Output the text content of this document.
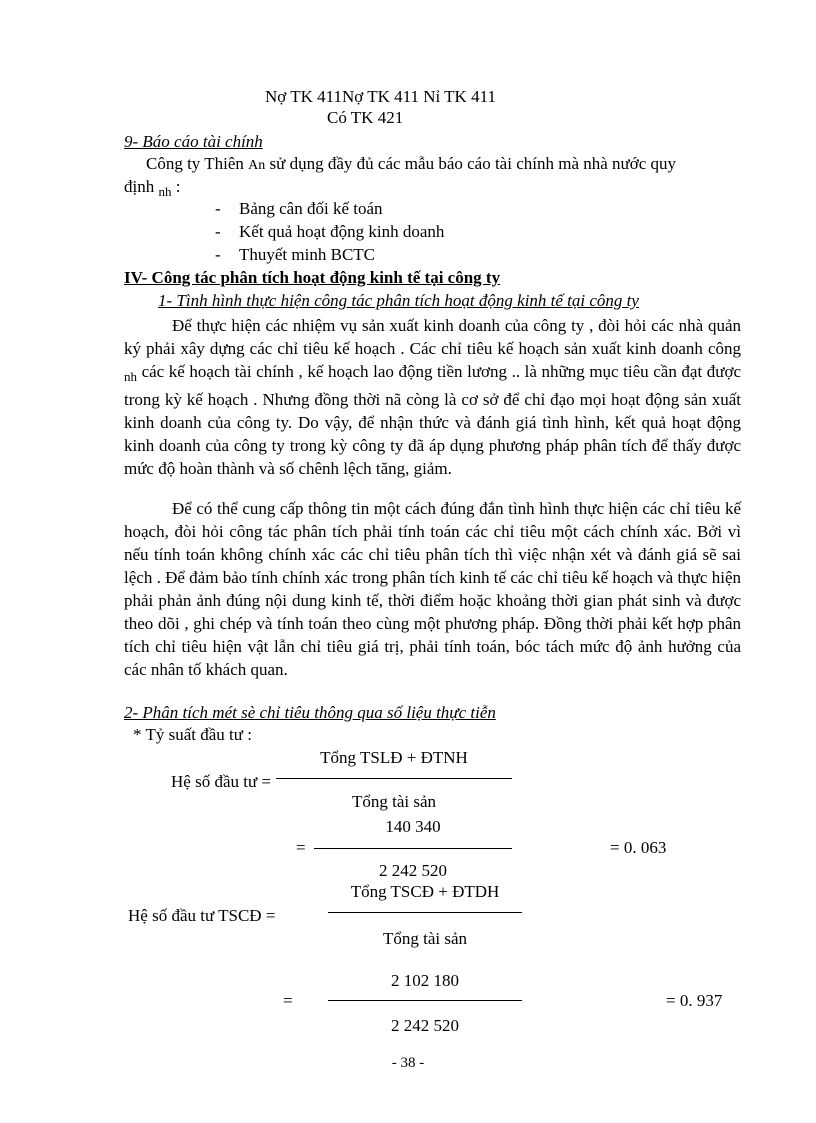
Nợ TK 411Nợ TK 411 Nỉ TK 411
Có TK 421
9- Báo cáo tài chính
Công ty Thiên An sử dụng đầy đủ các mẫu báo cáo tài chính mà nhà nước quy
định $_{nh}$ :
- Bảng cân đối kế toán
- Kết quả hoạt động kinh doanh
- Thuyết minh BCTC
IV- Công tác phân tích hoạt động kinh tế tại công ty
1- Tình hình thực hiện công tác phân tích hoạt động kinh tế tại công ty
Để thực hiện các nhiệm vụ sản xuất kinh doanh của công ty , đòi hỏi các nhà quản ký phải xây dựng các chỉ tiêu kế hoạch . Các chỉ tiêu kế hoạch sản xuất kinh doanh công $_{nh}$ các kế hoạch tài chính , kế hoạch lao động tiền lương .. là những mục tiêu cần đạt được trong kỳ kế hoạch . Nhưng đồng thời nã còng là cơ sở để chỉ đạo mọi hoạt động sản xuất kinh doanh của công ty. Do vậy, để nhận thức và đánh giá tình hình, kết quả hoạt động kinh doanh của công ty trong kỳ công ty đã áp dụng phương pháp phân tích để thấy được mức độ hoàn thành và số chênh lệch tăng, giảm.
Để có thể cung cấp thông tin một cách đúng đắn tình hình thực hiện các chỉ tiêu kế hoạch, đòi hỏi công tác phân tích phải tính toán các chỉ tiêu một cách chính xác. Bởi vì nếu tính toán không chính xác các chỉ tiêu phân tích thì việc nhận xét và đánh giá sẽ sai lệch . Để đảm bảo tính chính xác trong phân tích kinh tế các chỉ tiêu kế hoạch và thực hiện phải phản ảnh đúng nội dung kinh tế, thời điểm hoặc khoảng thời gian phát sinh và được theo dõi , ghi chép và tính toán theo cùng một phương pháp. Đồng thời phải kết hợp phân tích chỉ tiêu hiện vật lẫn chỉ tiêu giá trị, phải tính toán, bóc tách mức độ ảnh hưởng của các nhân tố khách quan.
2- Phân tích mét sè chỉ tiêu thông qua số liệu thực tiễn
* Tỷ suất đầu tư :
Hệ số đầu tư =
Tổng TSLĐ + ĐTNH
Tổng tài sản
=
140 340
2 242 520
= 0. 063
Hệ số đầu tư TSCĐ =
Tổng TSCĐ + ĐTDH
Tổng tài sản
=
2 102 180
2 242 520
= 0. 937
- 38 -
